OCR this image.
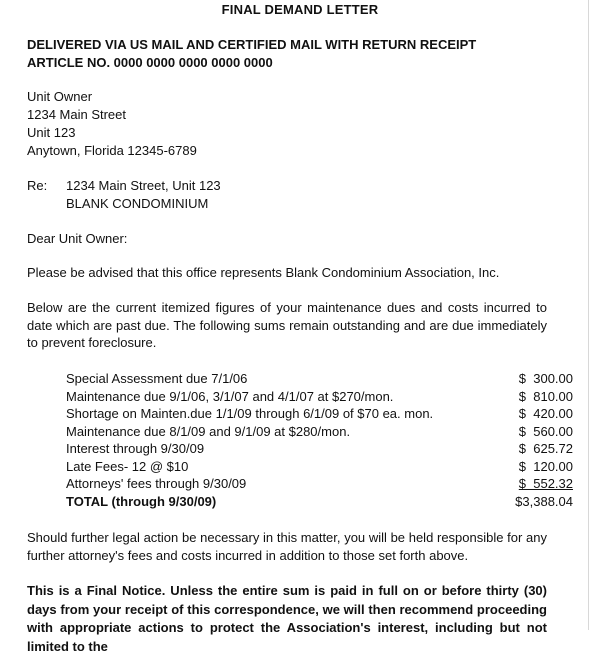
FINAL DEMAND LETTER
DELIVERED VIA US MAIL AND CERTIFIED MAIL WITH RETURN RECEIPT
ARTICLE NO. 0000 0000 0000 0000 0000
Unit Owner
1234 Main Street
Unit 123
Anytown, Florida 12345-6789
Re: 1234 Main Street, Unit 123
BLANK CONDOMINIUM
Dear Unit Owner:
Please be advised that this office represents Blank Condominium Association, Inc.
Below are the current itemized figures of your maintenance dues and costs incurred to date which are past due. The following sums remain outstanding and are due immediately to prevent foreclosure.
Special Assessment due 7/1/06	$  300.00
Maintenance due 9/1/06, 3/1/07 and 4/1/07 at $270/mon.	$  810.00
Shortage on Mainten.due 1/1/09 through 6/1/09 of $70 ea. mon.	$  420.00
Maintenance due 8/1/09 and 9/1/09 at $280/mon.	$  560.00
Interest through 9/30/09	$  625.72
Late Fees- 12 @ $10	$  120.00
Attorneys' fees through 9/30/09	$  552.32
TOTAL (through 9/30/09)	$3,388.04
Should further legal action be necessary in this matter, you will be held responsible for any further attorney's fees and costs incurred in addition to those set forth above.
This is a Final Notice. Unless the entire sum is paid in full on or before thirty (30) days from your receipt of this correspondence, we will then recommend proceeding with appropriate actions to protect the Association's interest, including but not limited to the
